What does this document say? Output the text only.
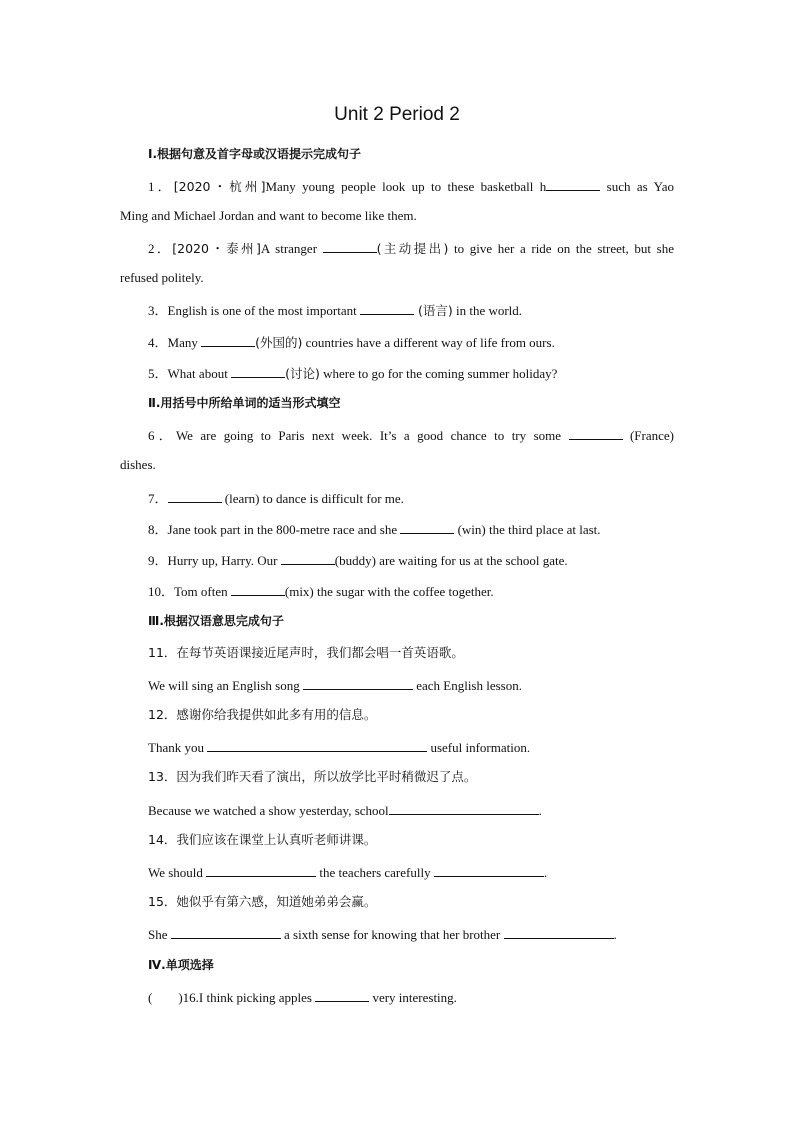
Unit 2 Period 2
Ⅰ.根据句意及首字母或汉语提示完成句子
1．[2020・杭州]Many young people look up to these basketball h	such as Yao
Ming and Michael Jordan and want to become like them.
2．[2020・泰州]A stranger	(主动提出) to give her a ride on the street, but she
refused politely.
3．English is one of the most important	(语言) in the world.
4．Many	(外国的) countries have a different way of life from ours.
5．What about	(讨论) where to go for the coming summer holiday?
Ⅱ.用括号中所给单词的适当形式填空
6．We are going to Paris next week. It’s a good chance to try some	(France)
dishes.
7．	(learn) to dance is difficult for me.
8．Jane took part in the 800-metre race and she	(win) the third place at last.
9．Hurry up, Harry. Our	(buddy) are waiting for us at the school gate.
10．Tom often	(mix) the sugar with the coffee together.
Ⅲ.根据汉语意思完成句子
11．在每节英语课接近尾声时，我们都会唱一首英语歌。
We will sing an English song	each English lesson.
12．感谢你给我提供如此多有用的信息。
Thank you	useful information.
13．因为我们昨天看了演出，所以放学比平时稍微迟了点。
Because we watched a show yesterday, school	.
14．我们应该在课堂上认真听老师讲课。
We should	the teachers carefully	.
15．她似乎有第六感，知道她弟弟会赢。
She	a sixth sense for knowing that her brother	.
Ⅳ.单项选择
(　　)16.I think picking apples	very interesting.
